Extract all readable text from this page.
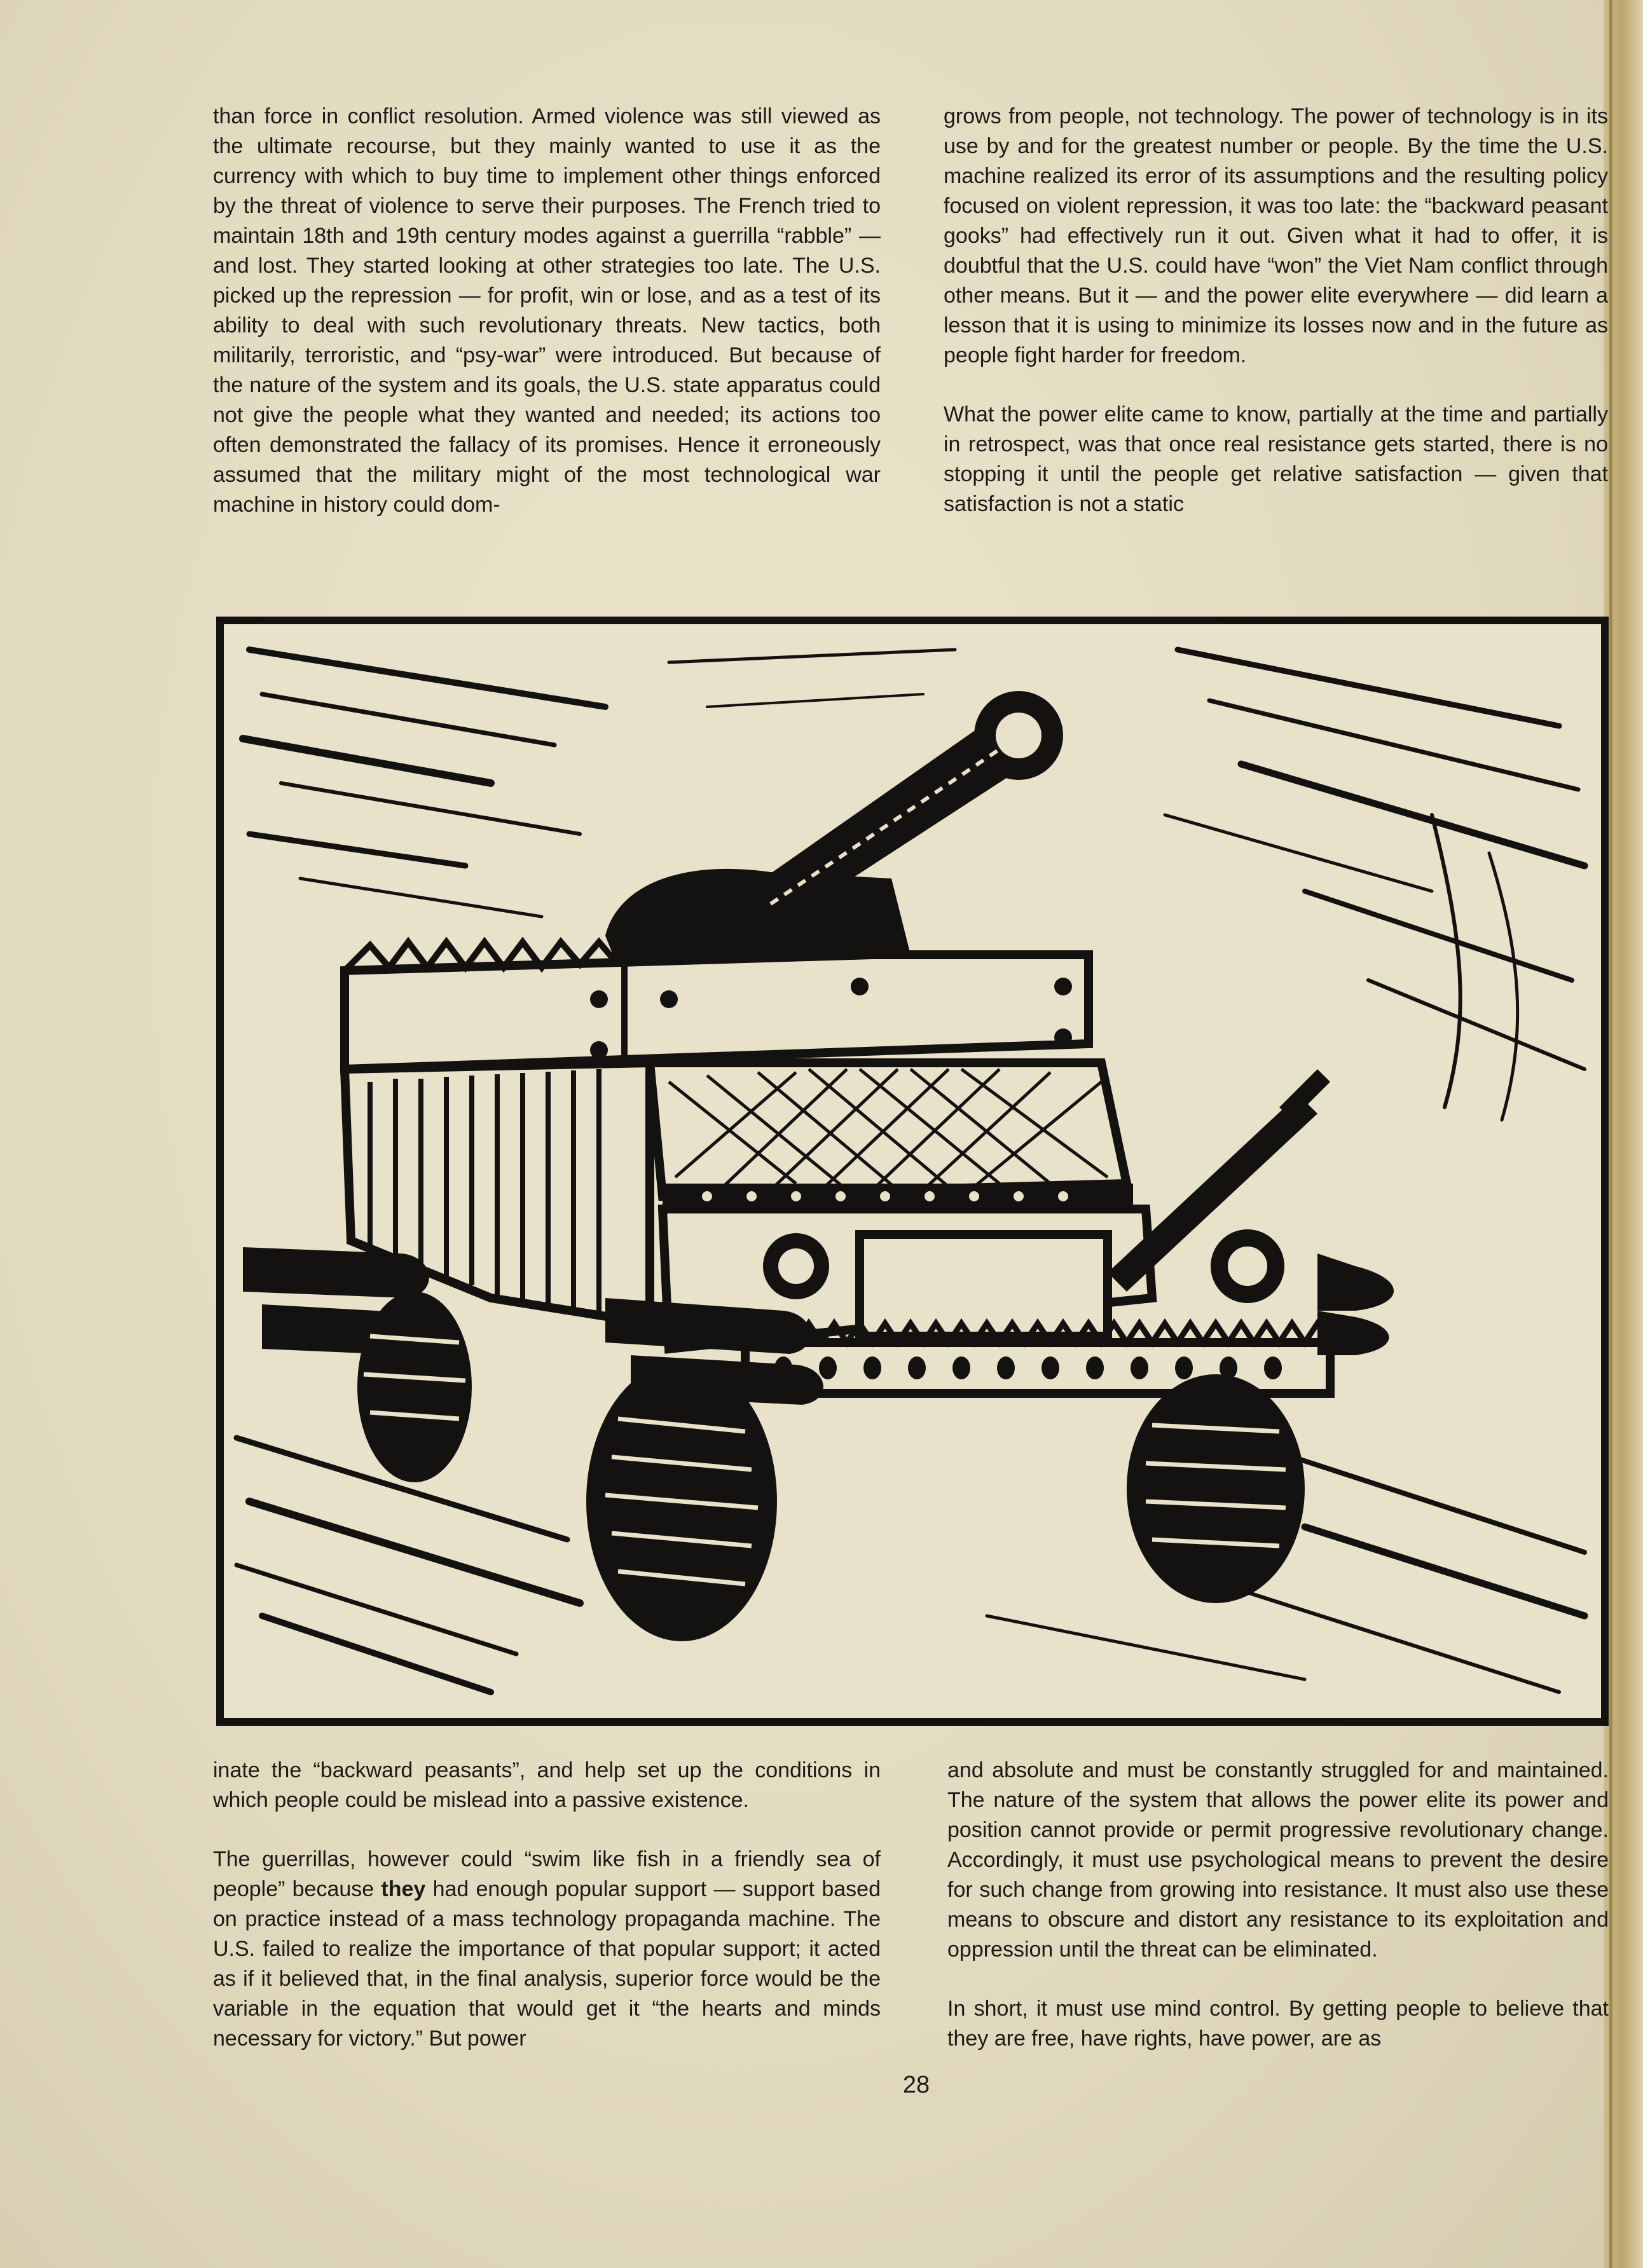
than force in conflict resolution. Armed violence was still viewed as the ultimate recourse, but they mainly wanted to use it as the currency with which to buy time to implement other things enforced by the threat of violence to serve their purposes. The French tried to maintain 18th and 19th century modes against a guerrilla “rabble” — and lost. They started looking at other strategies too late. The U.S. picked up the repression — for profit, win or lose, and as a test of its ability to deal with such revolutionary threats. New tactics, both militarily, terroristic, and “psy-war” were introduced. But because of the nature of the system and its goals, the U.S. state apparatus could not give the people what they wanted and needed; its actions too often demonstrated the fallacy of its promises. Hence it erroneously assumed that the military might of the most technological war machine in history could dom-

grows from people, not technology. The power of technology is in its use by and for the greatest number or people. By the time the U.S. machine realized its error of its assumptions and the resulting policy focused on violent repression, it was too late: the “backward peasant gooks” had effectively run it out. Given what it had to offer, it is doubtful that the U.S. could have “won” the Viet Nam conflict through other means. But it — and the power elite everywhere — did learn a lesson that it is using to minimize its losses now and in the future as people fight harder for freedom.

What the power elite came to know, partially at the time and partially in retrospect, was that once real resistance gets started, there is no stopping it until the people get relative satisfaction — given that satisfaction is not a static

inate the “backward peasants”, and help set up the conditions in which people could be mislead into a passive existence.

The guerrillas, however could “swim like fish in a friendly sea of people” because they had enough popular support — support based on practice instead of a mass technology propaganda machine. The U.S. failed to realize the importance of that popular support; it acted as if it believed that, in the final analysis, superior force would be the variable in the equation that would get it “the hearts and minds necessary for victory.” But power

and absolute and must be constantly struggled for and maintained. The nature of the system that allows the power elite its power and position cannot provide or permit progressive revolutionary change. Accordingly, it must use psychological means to prevent the desire for such change from growing into resistance. It must also use these means to obscure and distort any resistance to its exploitation and oppression until the threat can be eliminated.

In short, it must use mind control. By getting people to believe that they are free, have rights, have power, are as

28
